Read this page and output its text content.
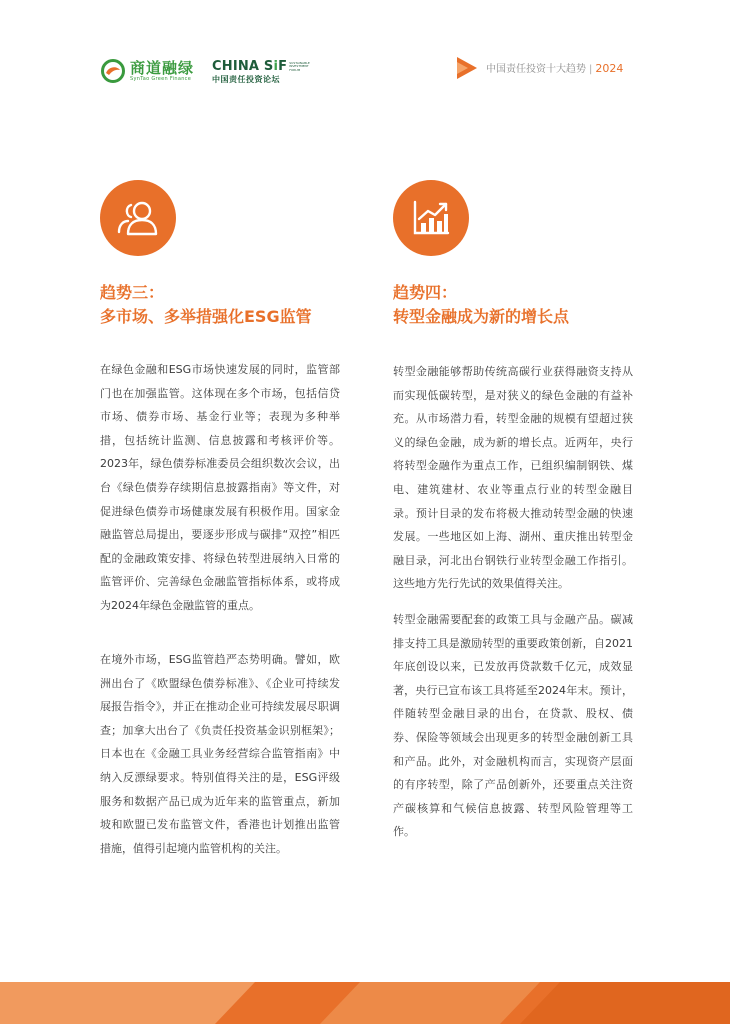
商道融绿
SynTao Green Finance
CHINA SiF SUSTAINABLE INVESTMENT FORUM
中国责任投资论坛
中国责任投资十大趋势 | 2024
趋势三：
多市场、多举措强化ESG监管

在绿色金融和ESG市场快速发展的同时，监管部门也在加强监管。这体现在多个市场，包括信贷市场、债券市场、基金行业等；表现为多种举措，包括统计监测、信息披露和考核评价等。2023年，绿色债券标准委员会组织数次会议，出台《绿色债券存续期信息披露指南》等文件，对促进绿色债券市场健康发展有积极作用。国家金融监管总局提出，要逐步形成与碳排“双控”相匹配的金融政策安排、将绿色转型进展纳入日常的监管评价、完善绿色金融监管指标体系，或将成为2024年绿色金融监管的重点。

在境外市场，ESG监管趋严态势明确。譬如，欧洲出台了《欧盟绿色债券标准》、《企业可持续发展报告指令》，并正在推动企业可持续发展尽职调查；加拿大出台了《负责任投资基金识别框架》；日本也在《金融工具业务经营综合监管指南》中纳入反漂绿要求。特别值得关注的是，ESG评级服务和数据产品已成为近年来的监管重点，新加坡和欧盟已发布监管文件，香港也计划推出监管措施，值得引起境内监管机构的关注。

趋势四：
转型金融成为新的增长点

转型金融能够帮助传统高碳行业获得融资支持从而实现低碳转型，是对狭义的绿色金融的有益补充。从市场潜力看，转型金融的规模有望超过狭义的绿色金融，成为新的增长点。近两年，央行将转型金融作为重点工作，已组织编制钢铁、煤电、建筑建材、农业等重点行业的转型金融目录。预计目录的发布将极大推动转型金融的快速发展。一些地区如上海、湖州、重庆推出转型金融目录，河北出台钢铁行业转型金融工作指引。这些地方先行先试的效果值得关注。

转型金融需要配套的政策工具与金融产品。碳减排支持工具是激励转型的重要政策创新，自2021年底创设以来，已发放再贷款数千亿元，成效显著，央行已宣布该工具将延至2024年末。预计，伴随转型金融目录的出台，在贷款、股权、债券、保险等领域会出现更多的转型金融创新工具和产品。此外，对金融机构而言，实现资产层面的有序转型，除了产品创新外，还要重点关注资产碳核算和气候信息披露、转型风险管理等工作。
